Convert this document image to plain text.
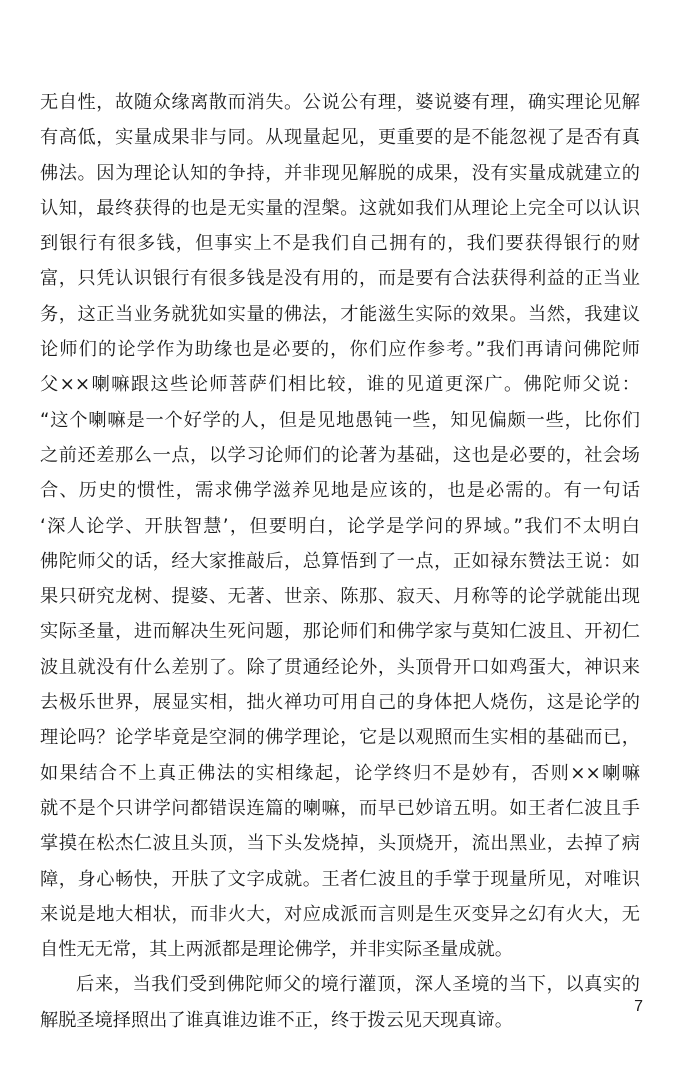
无自性，故随众缘离散而消失。公说公有理，婆说婆有理，确实理论见解
有高低，实量成果非与同。从现量起见，更重要的是不能忽视了是否有真
佛法。因为理论认知的争持，并非现见解脱的成果，没有实量成就建立的
认知，最终获得的也是无实量的涅槃。这就如我们从理论上完全可以认识
到银行有很多钱，但事实上不是我们自己拥有的，我们要获得银行的财
富，只凭认识银行有很多钱是没有用的，而是要有合法获得利益的正当业
务，这正当业务就犹如实量的佛法，才能滋生实际的效果。当然，我建议
论师们的论学作为助缘也是必要的，你们应作参考。”我们再请问佛陀师
父××喇嘛跟这些论师菩萨们相比较，谁的见道更深广。佛陀师父说：
“这个喇嘛是一个好学的人，但是见地愚钝一些，知见偏颇一些，比你们
之前还差那么一点，以学习论师们的论著为基础，这也是必要的，社会场
合、历史的惯性，需求佛学滋养见地是应该的，也是必需的。有一句话
‘深人论学、开肤智慧’，但要明白，论学是学问的界域。”我们不太明白
佛陀师父的话，经大家推敲后，总算悟到了一点，正如禄东赞法王说：如
果只研究龙树、提婆、无著、世亲、陈那、寂天、月称等的论学就能出现
实际圣量，进而解决生死问题，那论师们和佛学家与莫知仁波且、开初仁
波且就没有什么差别了。除了贯通经论外，头顶骨开口如鸡蛋大，神识来
去极乐世界，展显实相，拙火禅功可用自己的身体把人烧伤，这是论学的
理论吗？论学毕竟是空洞的佛学理论，它是以观照而生实相的基础而已，
如果结合不上真正佛法的实相缘起，论学终归不是妙有，否则××喇嘛
就不是个只讲学问都错误连篇的喇嘛，而早已妙谙五明。如王者仁波且手
掌摸在松杰仁波且头顶，当下头发烧掉，头顶烧开，流出黑业，去掉了病
障，身心畅快，开肤了文字成就。王者仁波且的手掌于现量所见，对唯识
来说是地大相状，而非火大，对应成派而言则是生灭变异之幻有火大，无
自性无无常，其上两派都是理论佛学，并非实际圣量成就。
后来，当我们受到佛陀师父的境行灌顶，深人圣境的当下，以真实的
解脱圣境择照出了谁真谁边谁不正，终于拨云见天现真谛。
7
